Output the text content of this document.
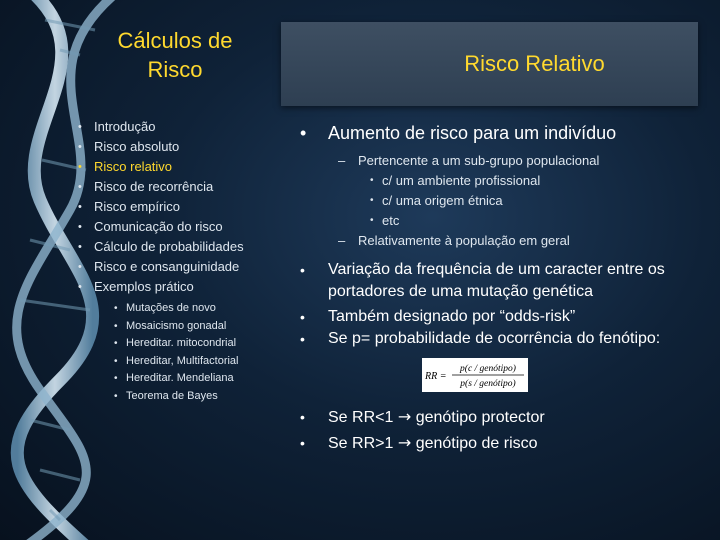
Cálculos de
Risco
• Introdução
• Risco absoluto
• Risco relativo
• Risco de recorrência
• Risco empírico
• Comunicação do risco
• Cálculo de probabilidades
• Risco e consanguinidade
• Exemplos prático
• Mutações de novo
• Mosaicismo gonadal
• Hereditar. mitocondrial
• Hereditar, Multifactorial
• Hereditar. Mendeliana
• Teorema de Bayes
Risco Relativo
• Aumento de risco para um indivíduo
– Pertencente a um sub-grupo populacional
• c/ um ambiente profissional
• c/ uma origem étnica
• etc
– Relativamente à população em geral
• Variação da frequência de um caracter entre os portadores de uma mutação genética
• Também designado por “odds-risk”
• Se p= probabilidade de ocorrência do fenótipo:
RR =
p(c / genótipo)
p(s / genótipo)
• Se RR<1 → genótipo protector
• Se RR>1 → genótipo de risco
